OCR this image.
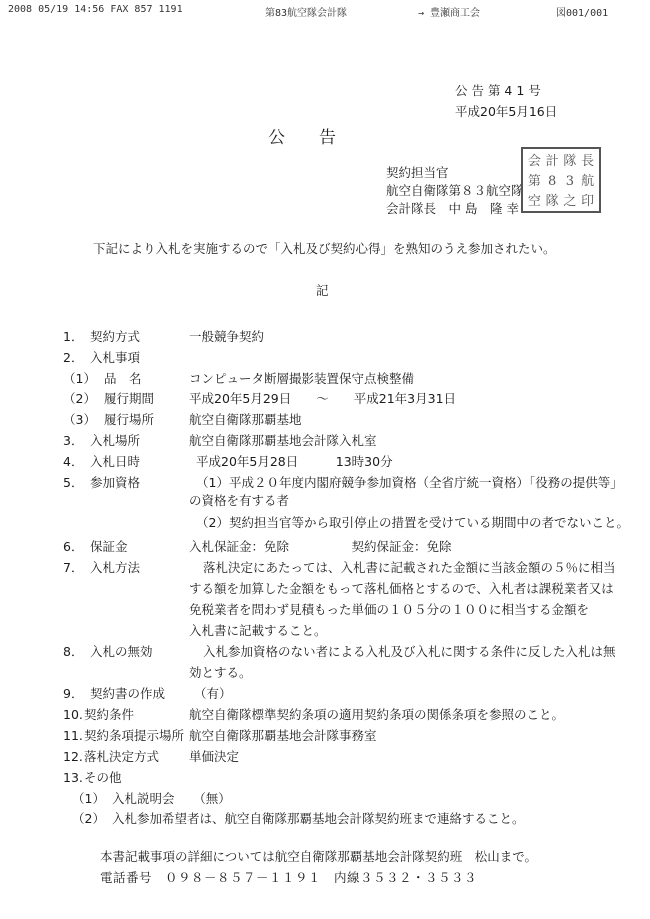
2008 05/19 14:56 FAX 857 1191	第83航空隊会計隊	→ 豊瀬商工会	図001/001
公 告 第 4 1 号
平成20年5月16日
公　　告
契約担当官
航空自衛隊第８３航空隊
会計隊長　中 島　隆 幸
会 計 隊 長
第 8 3 航
空 隊 之 印
下記により入札を実施するので「入札及び契約心得」を熟知のうえ参加されたい。
記
1． 契約方式	一般競争契約
2． 入札事項
（1） 品　名	コンピュータ断層撮影装置保守点検整備
（2） 履行期間	平成20年5月29日　　～　　平成21年3月31日
（3） 履行場所	航空自衛隊那覇基地
3． 入札場所	航空自衛隊那覇基地会計隊入札室
4． 入札日時	平成20年5月28日　　　13時30分
5． 参加資格	（1）平成２０年度内閣府競争参加資格（全省庁統一資格）「役務の提供等」
の資格を有する者
（2）契約担当官等から取引停止の措置を受けている期間中の者でないこと。
6． 保証金	入札保証金：免除　　　　　契約保証金：免除
7． 入札方法	落札決定にあたっては、入札書に記載された金額に当該金額の５％に相当
する額を加算した金額をもって落札価格とするので、入札者は課税業者又は
免税業者を問わず見積もった単価の１０５分の１００に相当する金額を
入札書に記載すること。
8． 入札の無効	入札参加資格のない者による入札及び入札に関する条件に反した入札は無
効とする。
9． 契約書の作成 （有）
10. 契約条件	航空自衛隊標準契約条項の適用契約条項の関係条項を参照のこと。
11. 契約条項提示場所 航空自衛隊那覇基地会計隊事務室
12. 落札決定方式 単価決定
13. その他
（1） 入札説明会　　（無）
（2） 入札参加希望者は、航空自衛隊那覇基地会計隊契約班まで連絡すること。
本書記載事項の詳細については航空自衛隊那覇基地会計隊契約班　松山まで。
電話番号　０９８－８５７－１１９１　内線３５３２・３５３３
